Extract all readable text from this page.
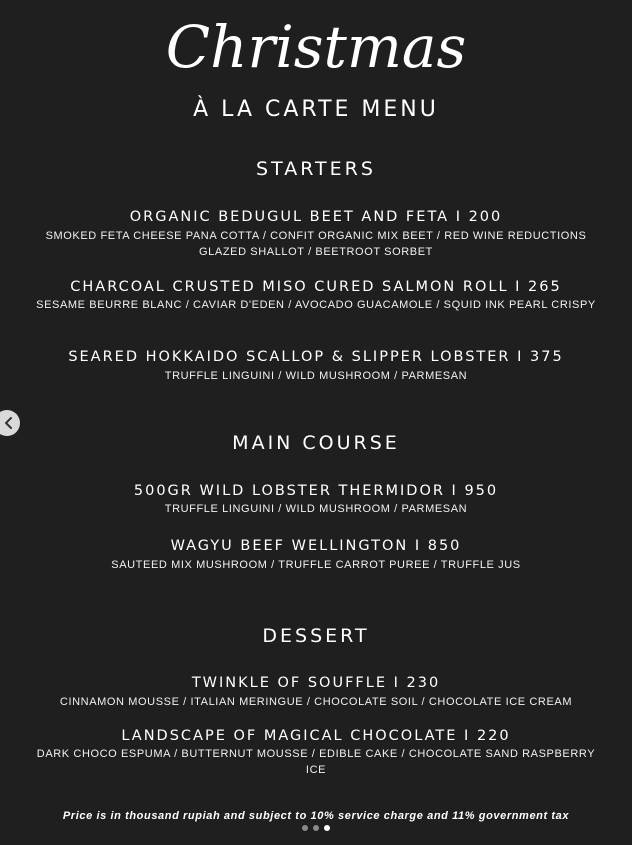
Christmas
À LA CARTE MENU
STARTERS
ORGANIC BEDUGUL BEET AND FETA I 200
SMOKED FETA CHEESE PANA COTTA / CONFIT ORGANIC MIX BEET / RED WINE REDUCTIONS
GLAZED SHALLOT / BEETROOT SORBET
CHARCOAL CRUSTED MISO CURED SALMON ROLL I 265
SESAME BEURRE BLANC / CAVIAR D'EDEN / AVOCADO GUACAMOLE / SQUID INK PEARL CRISPY
SEARED HOKKAIDO SCALLOP & SLIPPER LOBSTER I 375
TRUFFLE LINGUINI / WILD MUSHROOM / PARMESAN
MAIN COURSE
500GR WILD LOBSTER THERMIDOR I 950
TRUFFLE LINGUINI / WILD MUSHROOM / PARMESAN
WAGYU BEEF WELLINGTON I 850
SAUTEED MIX MUSHROOM / TRUFFLE CARROT PUREE / TRUFFLE JUS
DESSERT
TWINKLE OF SOUFFLE I 230
CINNAMON MOUSSE / ITALIAN MERINGUE / CHOCOLATE SOIL / CHOCOLATE ICE CREAM
LANDSCAPE OF MAGICAL CHOCOLATE I 220
DARK CHOCO ESPUMA / BUTTERNUT MOUSSE / EDIBLE CAKE / CHOCOLATE SAND RASPBERRY ICE
Price is in thousand rupiah and subject to 10% service charge and 11% government tax
